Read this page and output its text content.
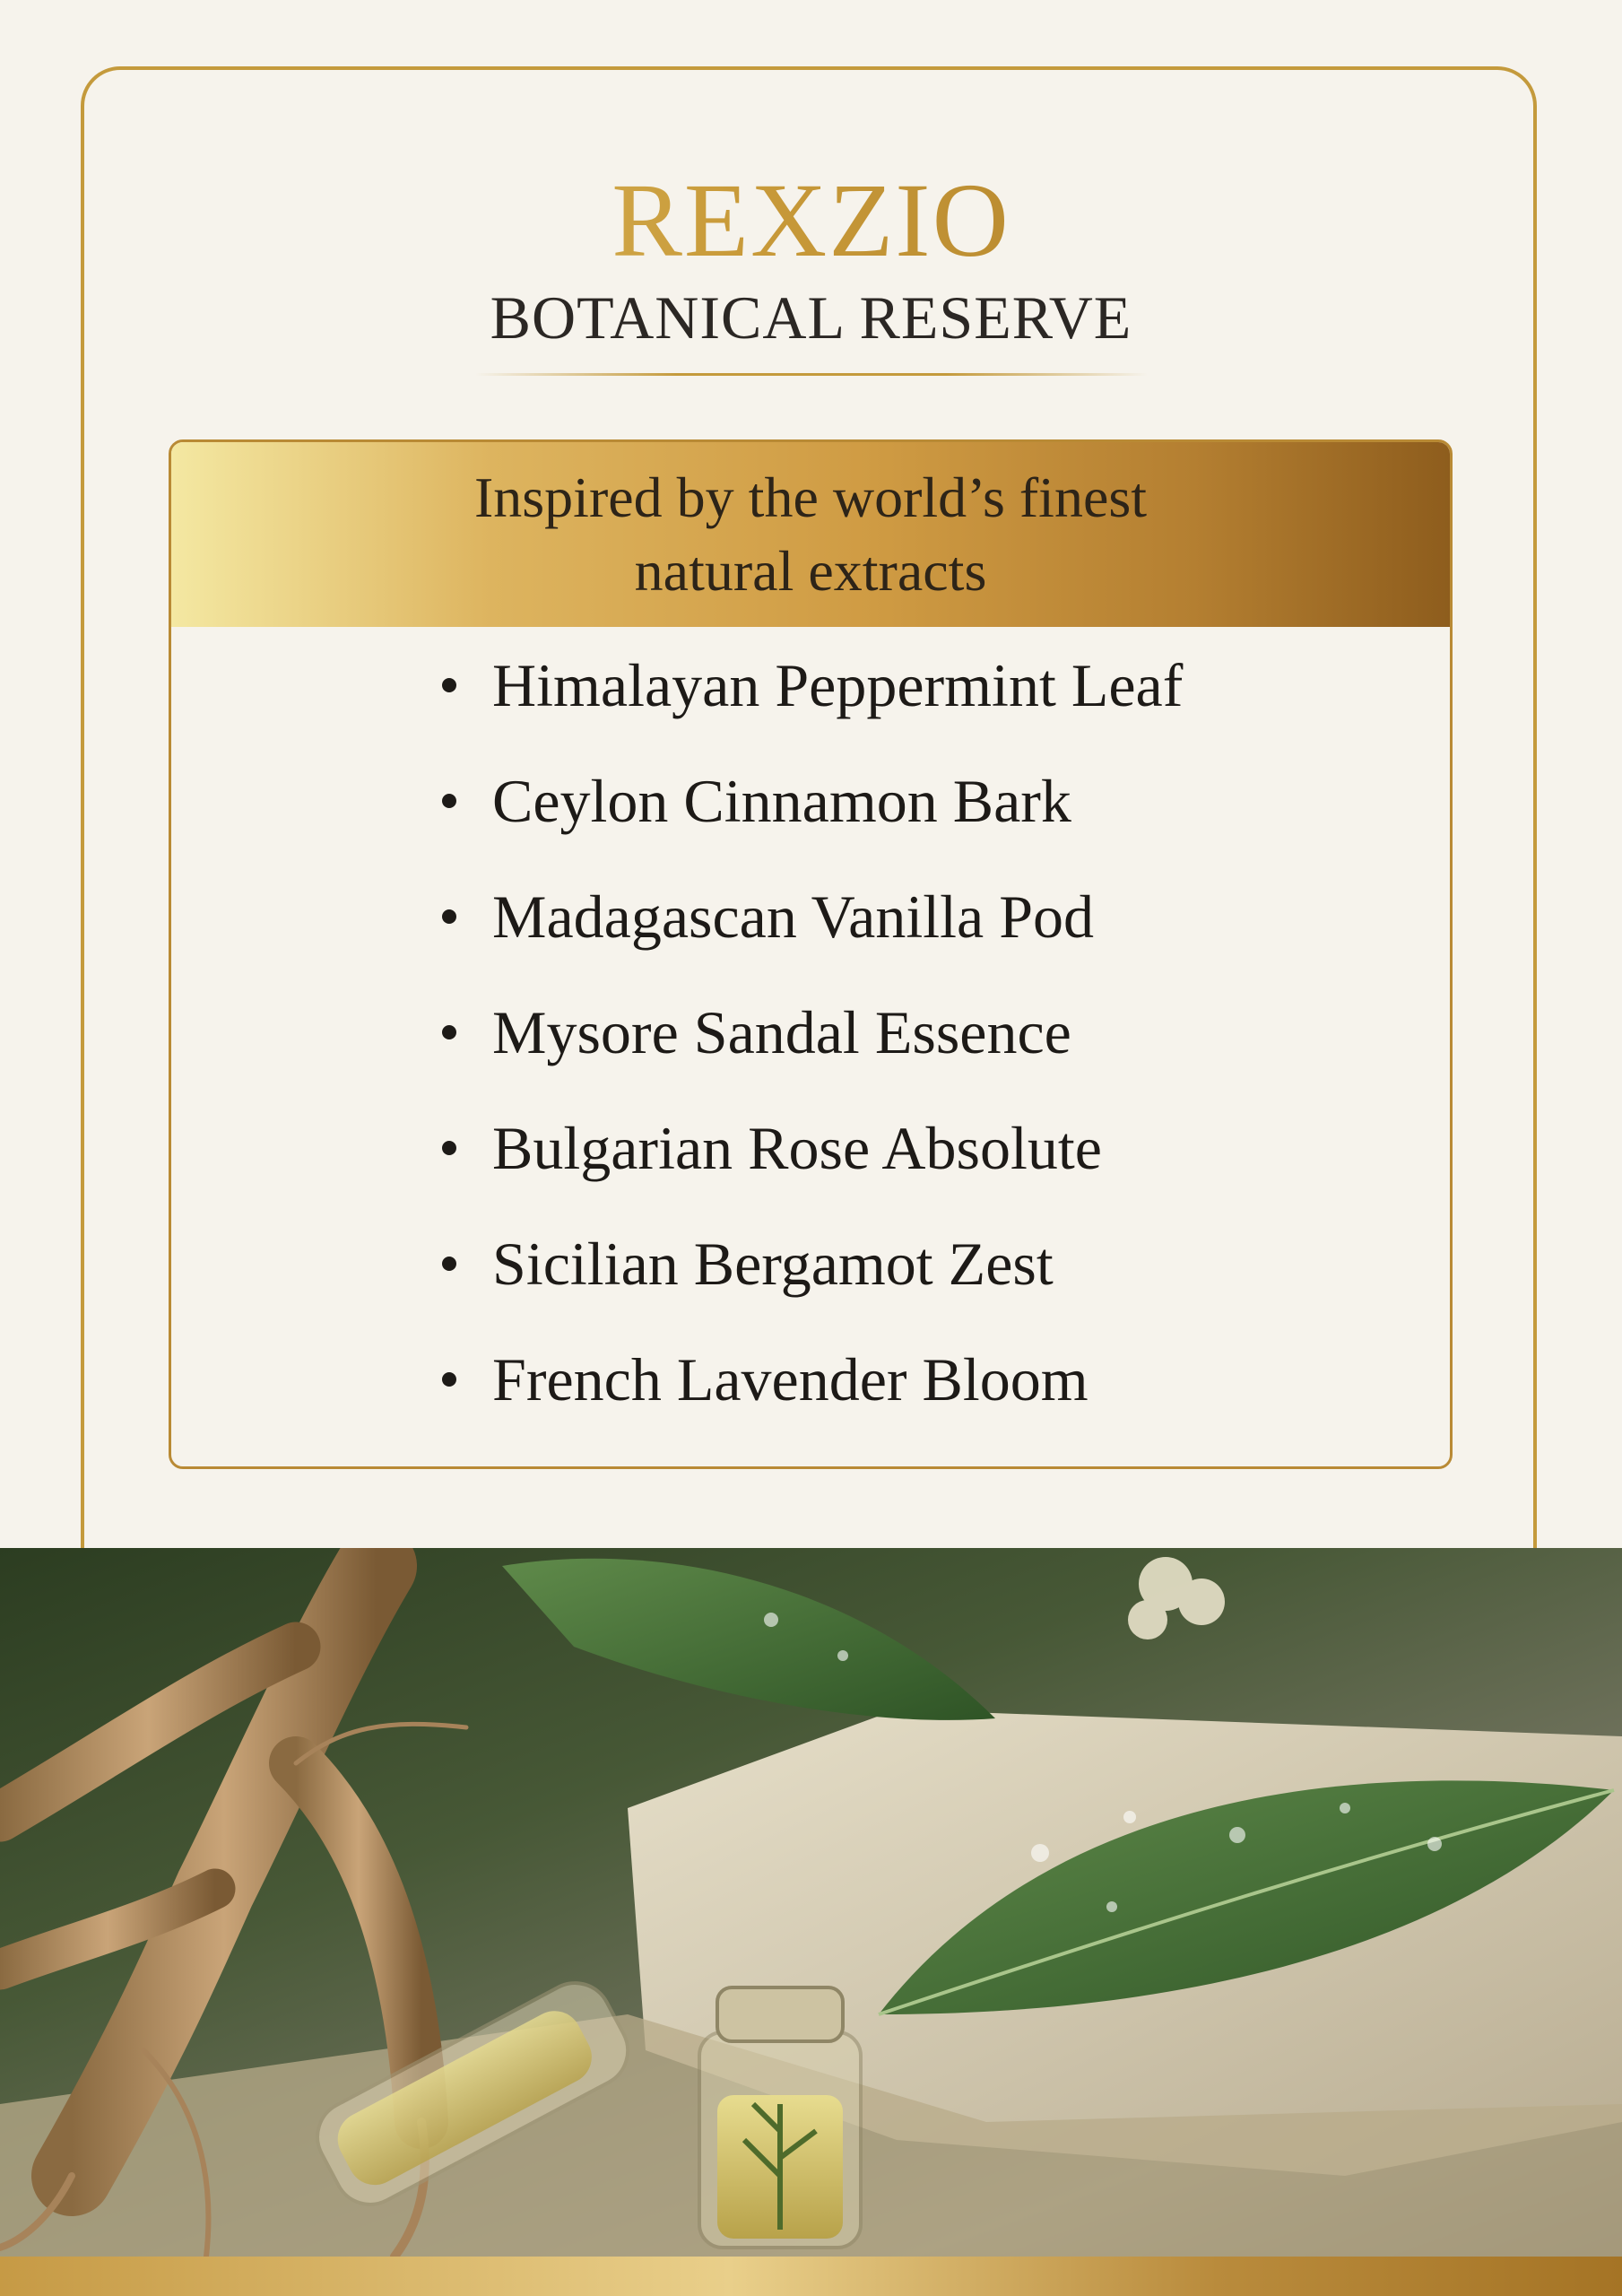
REXZIO
BOTANICAL RESERVE
Inspired by the world’s finest natural extracts
Himalayan Peppermint Leaf
Ceylon Cinnamon Bark
Madagascan Vanilla Pod
Mysore Sandal Essence
Bulgarian Rose Absolute
Sicilian Bergamot Zest
French Lavender Bloom
